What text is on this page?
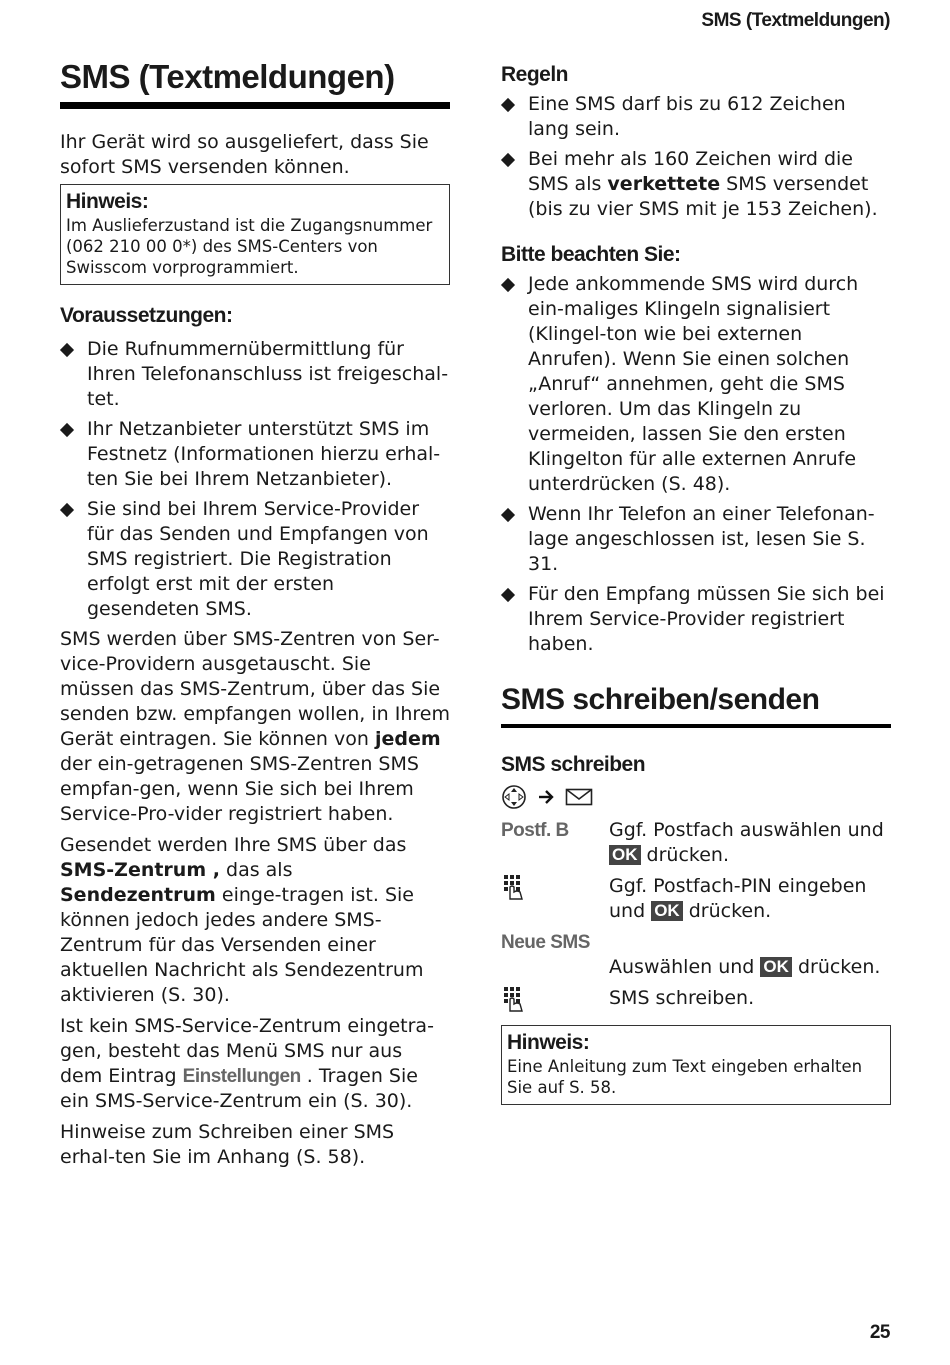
SMS (Textmeldungen)
SMS (Textmeldungen)

Ihr Gerät wird so ausgeliefert, dass Sie sofort SMS versenden können.

Hinweis:
Im Auslieferzustand ist die Zugangsnummer (062 210 00 0*) des SMS-Centers von Swisscom vorprogrammiert.
Voraussetzungen:
Die Rufnummernübermittlung für Ihren Telefonanschluss ist freigeschal-tet.
Ihr Netzanbieter unterstützt SMS im Festnetz (Informationen hierzu erhal-ten Sie bei Ihrem Netzanbieter).
Sie sind bei Ihrem Service-Provider für das Senden und Empfangen von SMS registriert. Die Registration erfolgt erst mit der ersten gesendeten SMS.

SMS werden über SMS-Zentren von Ser-vice-Providern ausgetauscht. Sie müssen das SMS-Zentrum, über das Sie senden bzw. empfangen wollen, in Ihrem Gerät eintragen. Sie können von jedem der ein-getragenen SMS-Zentren SMS empfan-gen, wenn Sie sich bei Ihrem Service-Pro-vider registriert haben.

Gesendet werden Ihre SMS über das SMS-Zentrum , das als Sendezentrum einge-tragen ist. Sie können jedoch jedes andere SMS-Zentrum für das Versenden einer aktuellen Nachricht als Sendezentrum aktivieren (S. 30).

Ist kein SMS-Service-Zentrum eingetra-gen, besteht das Menü SMS nur aus dem Eintrag Einstellungen . Tragen Sie ein SMS-Service-Zentrum ein (S. 30).

Hinweise zum Schreiben einer SMS erhal-ten Sie im Anhang (S. 58).

Regeln
Eine SMS darf bis zu 612 Zeichen lang sein.
Bei mehr als 160 Zeichen wird die SMS als verkettete SMS versendet (bis zu vier SMS mit je 153 Zeichen).
Bitte beachten Sie:
Jede ankommende SMS wird durch ein-maliges Klingeln signalisiert (Klingel-ton wie bei externen Anrufen). Wenn Sie einen solchen „Anruf“ annehmen, geht die SMS verloren. Um das Klingeln zu vermeiden, lassen Sie den ersten Klingelton für alle externen Anrufe unterdrücken (S. 48).
Wenn Ihr Telefon an einer Telefonan-lage angeschlossen ist, lesen Sie S. 31.
Für den Empfang müssen Sie sich bei Ihrem Service-Provider registriert haben.
SMS schreiben/senden
SMS schreiben
Postf. B	Ggf. Postfach auswählen und OK drücken.
Ggf. Postfach-PIN eingeben und OK drücken.
Neue SMS
Auswählen und OK drücken.
SMS schreiben.
Hinweis:
Eine Anleitung zum Text eingeben erhalten Sie auf S. 58.
25
